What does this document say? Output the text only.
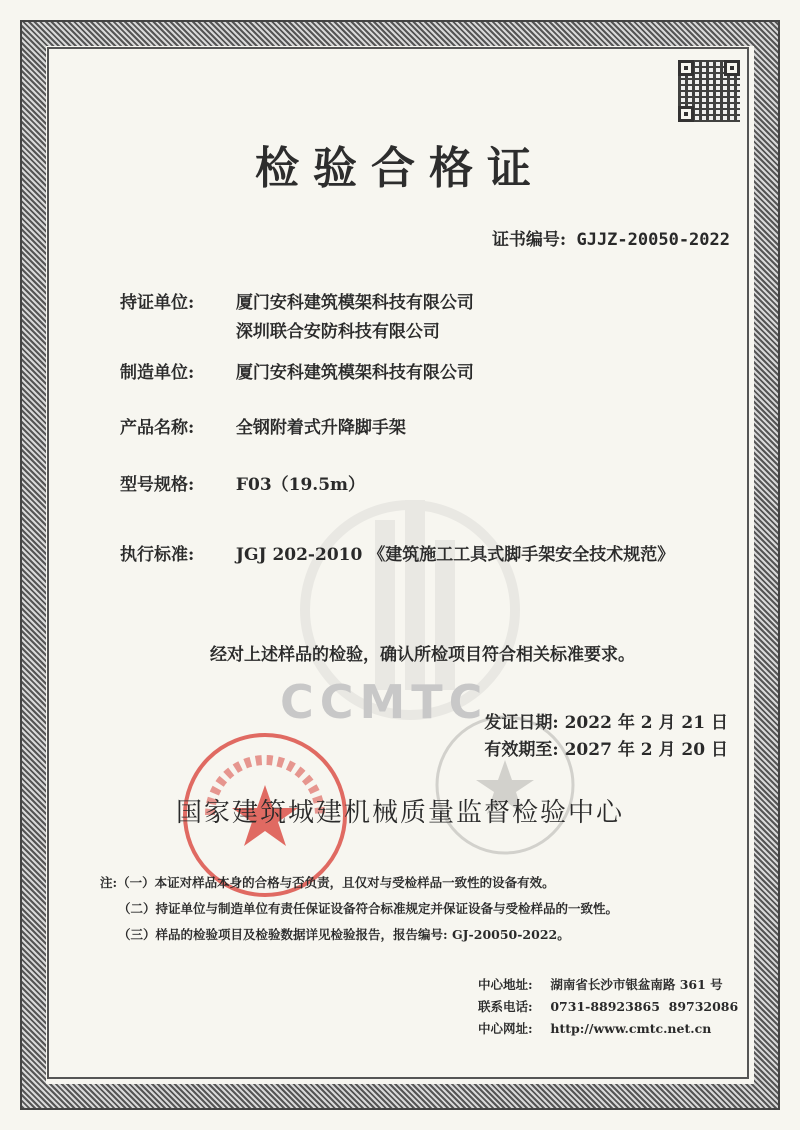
检验合格证
证书编号: GJJZ-20050-2022
CCMTC
持证单位: 厦门安科建筑模架科技有限公司
深圳联合安防科技有限公司
制造单位: 厦门安科建筑模架科技有限公司
产品名称: 全钢附着式升降脚手架
型号规格: F03（19.5m）
执行标准: JGJ 202-2010 《建筑施工工具式脚手架安全技术规范》
经对上述样品的检验，确认所检项目符合相关标准要求。
发证日期: 2022 年 2 月 21 日
有效期至: 2027 年 2 月 20 日
国家建筑城建机械质量监督检验中心
注:（一）本证对样品本身的合格与否负责，且仅对与受检样品一致性的设备有效。
（二）持证单位与制造单位有责任保证设备符合标准规定并保证设备与受检样品的一致性。
（三）样品的检验项目及检验数据详见检验报告，报告编号: GJ-20050-2022。
中心地址: 湖南省长沙市银盆南路 361 号
联系电话: 0731-88923865  89732086
中心网址: http://www.cmtc.net.cn
